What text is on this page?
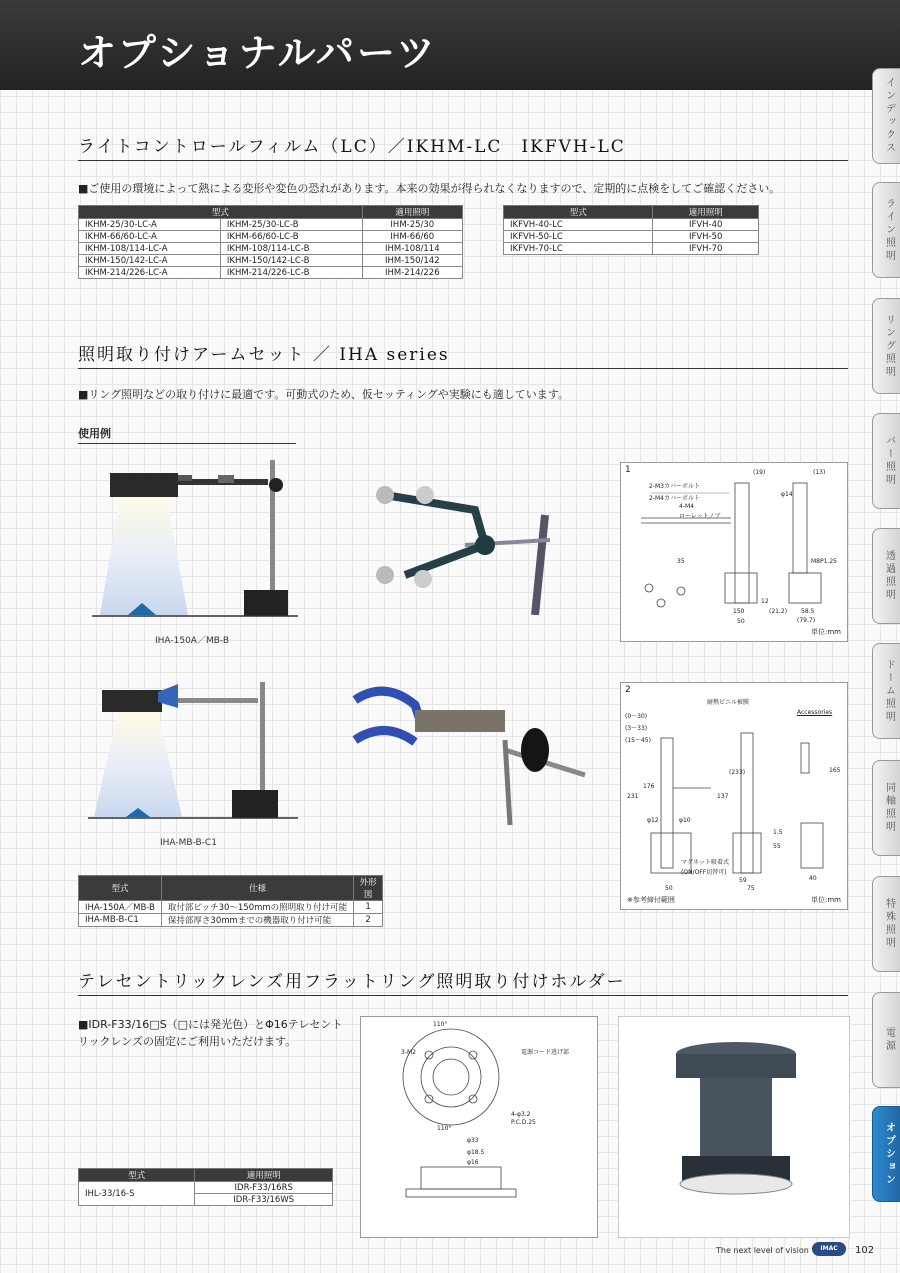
オプショナルパーツ
ライトコントロールフィルム（LC）／IKHM-LC　IKFVH-LC
■ご使用の環境によって熱による変形や変色の恐れがあります。本来の効果が得られなくなりますので、定期的に点検をしてご確認ください。
型式		適用照明
IKHM-25/30-LC-A	IKHM-25/30-LC-B	IHM-25/30
IKHM-66/60-LC-A	IKHM-66/60-LC-B	IHM-66/60
IKHM-108/114-LC-A	IKHM-108/114-LC-B	IHM-108/114
IKHM-150/142-LC-A	IKHM-150/142-LC-B	IHM-150/142
IKHM-214/226-LC-A	IKHM-214/226-LC-B	IHM-214/226
型式	適用照明
IKFVH-40-LC	IFVH-40
IKFVH-50-LC	IFVH-50
IKFVH-70-LC	IFVH-70
照明取り付けアームセット ／ IHA series
■リング照明などの取り付けに最適です。可動式のため、仮セッティングや実験にも適しています。
使用例
IHA-150A／MB-B
1
2-M3カバーボルト
2-M4カバーボルト
4-M4
ローレットノブ
M8P1.25
(19)	(13)
φ14
58.5
(79.7)
(21.2)
50
150
35
12
単位:mm
IHA-MB-B-C1
2
耐熱ビニル被膜
Accessories
(0～30)
(3～33)
(15～45)
φ12	φ10
マグネット吸着式
(ON/OFF切替可)
231
176
137
(233)
50
59
75
40
165
55
1.5
※参考締付範囲	単位:mm
型式	仕様	外形図
IHA-150A／MB-B	取付部ピッチ30～150mmの照明取り付け可能	1
IHA-MB-B-C1	保持部厚さ30mmまでの機器取り付け可能	2
テレセントリックレンズ用フラットリング照明取り付けホルダー
■IDR-F33/16□S（□には発光色）とΦ16テレセントリックレンズの固定にご利用いただけます。
110°
3-M2	電源コード逃げ部
110°
4-φ3.2
P.C.D.25
φ33
φ18.5
φ16
型式	適用照明
IHL-33/16-S	IDR-F33/16RS
	IDR-F33/16WS
インデックス
ライン照明
リング照明
バー照明
透過照明
ドーム照明
同軸照明
特殊照明
電源
オプション
The next level of vision	IMAC	102
